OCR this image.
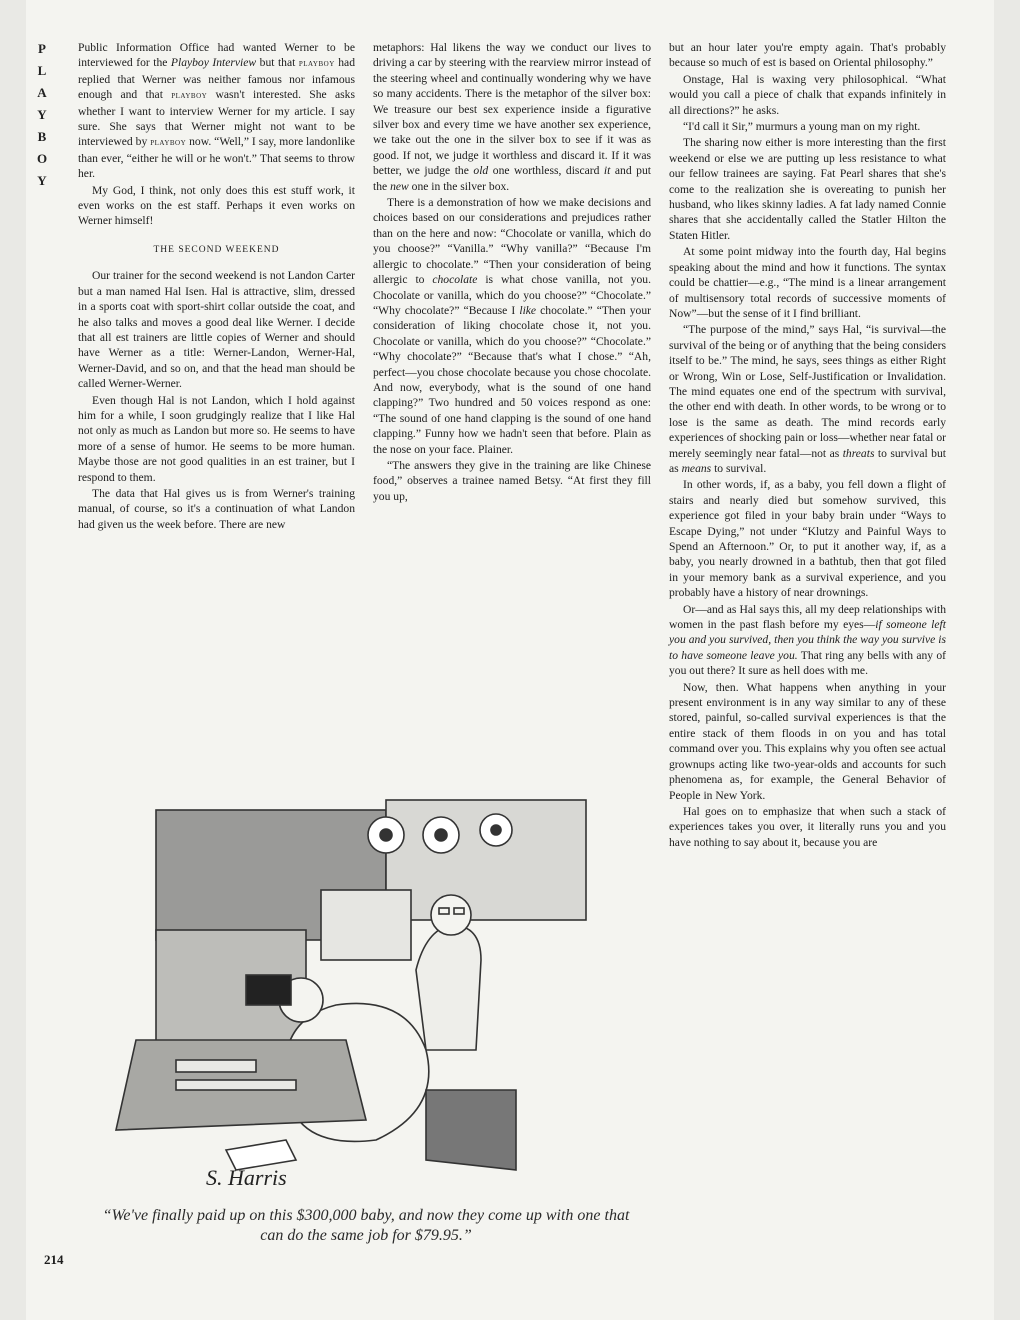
P
L
A
Y
B
O
Y

Public Information Office had wanted Werner to be interviewed for the Playboy Interview but that playboy had replied that Werner was neither famous nor infamous enough and that playboy wasn't interested. She asks whether I want to interview Werner for my article. I say sure. She says that Werner might not want to be interviewed by playboy now. “Well,” I say, more landonlike than ever, “either he will or he won't.” That seems to throw her.

My God, I think, not only does this est stuff work, it even works on the est staff. Perhaps it even works on Werner himself!

THE SECOND WEEKEND

Our trainer for the second weekend is not Landon Carter but a man named Hal Isen. Hal is attractive, slim, dressed in a sports coat with sport-shirt collar outside the coat, and he also talks and moves a good deal like Werner. I decide that all est trainers are little copies of Werner and should have Werner as a title: Werner-Landon, Werner-Hal, Werner-David, and so on, and that the head man should be called Werner-Werner.

Even though Hal is not Landon, which I hold against him for a while, I soon grudgingly realize that I like Hal not only as much as Landon but more so. He seems to have more of a sense of humor. He seems to be more human. Maybe those are not good qualities in an est trainer, but I respond to them.

The data that Hal gives us is from Werner's training manual, of course, so it's a continuation of what Landon had given us the week before. There are new

metaphors: Hal likens the way we conduct our lives to driving a car by steering with the rearview mirror instead of the steering wheel and continually wondering why we have so many accidents. There is the metaphor of the silver box: We treasure our best sex experience inside a figurative silver box and every time we have another sex experience, we take out the one in the silver box to see if it was as good. If not, we judge it worthless and discard it. If it was better, we judge the old one worthless, discard it and put the new one in the silver box.

There is a demonstration of how we make decisions and choices based on our considerations and prejudices rather than on the here and now: “Chocolate or vanilla, which do you choose?” “Vanilla.” “Why vanilla?” “Because I'm allergic to chocolate.” “Then your consideration of being allergic to chocolate is what chose vanilla, not you. Chocolate or vanilla, which do you choose?” “Chocolate.” “Why chocolate?” “Because I like chocolate.” “Then your consideration of liking chocolate chose it, not you. Chocolate or vanilla, which do you choose?” “Chocolate.” “Why chocolate?” “Because that's what I chose.” “Ah, perfect—you chose chocolate because you chose chocolate. And now, everybody, what is the sound of one hand clapping?” Two hundred and 50 voices respond as one: “The sound of one hand clapping is the sound of one hand clapping.” Funny how we hadn't seen that before. Plain as the nose on your face. Plainer.

“The answers they give in the training are like Chinese food,” observes a trainee named Betsy. “At first they fill you up,

but an hour later you're empty again. That's probably because so much of est is based on Oriental philosophy.”

Onstage, Hal is waxing very philosophical. “What would you call a piece of chalk that expands infinitely in all directions?” he asks.

“I'd call it Sir,” murmurs a young man on my right.

The sharing now either is more interesting than the first weekend or else we are putting up less resistance to what our fellow trainees are saying. Fat Pearl shares that she's come to the realization she is overeating to punish her husband, who likes skinny ladies. A fat lady named Connie shares that she accidentally called the Statler Hilton the Staten Hitler.

At some point midway into the fourth day, Hal begins speaking about the mind and how it functions. The syntax could be chattier—e.g., “The mind is a linear arrangement of multisensory total records of successive moments of Now”—but the sense of it I find brilliant.

“The purpose of the mind,” says Hal, “is survival—the survival of the being or of anything that the being considers itself to be.” The mind, he says, sees things as either Right or Wrong, Win or Lose, Self-Justification or Invalidation. The mind equates one end of the spectrum with survival, the other end with death. In other words, to be wrong or to lose is the same as death. The mind records early experiences of shocking pain or loss—whether near fatal or merely seemingly near fatal—not as threats to survival but as means to survival.

In other words, if, as a baby, you fell down a flight of stairs and nearly died but somehow survived, this experience got filed in your baby brain under “Ways to Escape Dying,” not under “Klutzy and Painful Ways to Spend an Afternoon.” Or, to put it another way, if, as a baby, you nearly drowned in a bathtub, then that got filed in your memory bank as a survival experience, and you probably have a history of near drownings.

Or—and as Hal says this, all my deep relationships with women in the past flash before my eyes—if someone left you and you survived, then you think the way you survive is to have someone leave you. That ring any bells with any of you out there? It sure as hell does with me.

Now, then. What happens when anything in your present environment is in any way similar to any of these stored, painful, so-called survival experiences is that the entire stack of them floods in on you and has total command over you. This explains why you often see actual grownups acting like two-year-olds and accounts for such phenomena as, for example, the General Behavior of People in New York.

Hal goes on to emphasize that when such a stack of experiences takes you over, it literally runs you and you have nothing to say about it, because you are

S. Harris
“We've finally paid up on this $300,000 baby, and now they come up with one that can do the same job for $79.95.”
214
